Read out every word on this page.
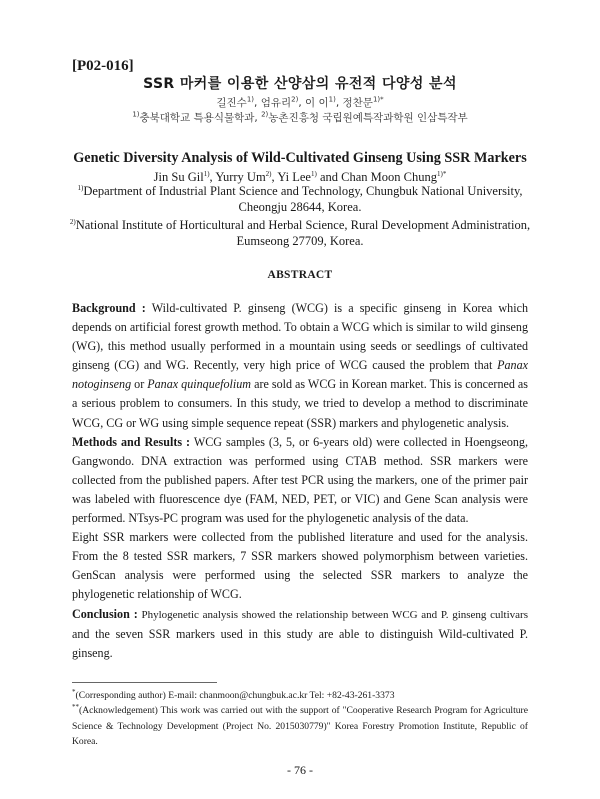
[P02-016]
SSR 마커를 이용한 산양삼의 유전적 다양성 분석
길진수$^{1)}$, 엄유리$^{2)}$, 이 이$^{1)}$, 정찬문$^{1)*}$
$^{1)}$충북대학교 특용식물학과, $^{2)}$농촌진흥청 국립원예특작과학원 인삼특작부
Genetic Diversity Analysis of Wild-Cultivated Ginseng Using SSR Markers
Jin Su Gil$^{1)}$, Yurry Um$^{2)}$, Yi Lee$^{1)}$ and Chan Moon Chung$^{1)*}$
$^{1)}$Department of Industrial Plant Science and Technology, Chungbuk National University,
Cheongju 28644, Korea.
$^{2)}$National Institute of Horticultural and Herbal Science, Rural Development Administration,
Eumseong 27709, Korea.
ABSTRACT

Background : Wild-cultivated P. ginseng (WCG) is a specific ginseng in Korea which depends on artificial forest growth method. To obtain a WCG which is similar to wild ginseng (WG), this method usually performed in a mountain using seeds or seedlings of cultivated ginseng (CG) and WG. Recently, very high price of WCG caused the problem that Panax notoginseng or Panax quinquefolium are sold as WCG in Korean market. This is concerned as a serious problem to consumers. In this study, we tried to develop a method to discriminate WCG, CG or WG using simple sequence repeat (SSR) markers and phylogenetic analysis.

Methods and Results : WCG samples (3, 5, or 6-years old) were collected in Hoengseong, Gangwondo. DNA extraction was performed using CTAB method. SSR markers were collected from the published papers. After test PCR using the markers, one of the primer pair was labeled with fluorescence dye (FAM, NED, PET, or VIC) and Gene Scan analysis were performed. NTsys-PC program was used for the phylogenetic analysis of the data.

Eight SSR markers were collected from the published literature and used for the analysis. From the 8 tested SSR markers, 7 SSR markers showed polymorphism between varieties. GenScan analysis were performed using the selected SSR markers to analyze the phylogenetic relationship of WCG.

Conclusion : Phylogenetic analysis showed the relationship between WCG and P. ginseng cultivars and the seven SSR markers used in this study are able to distinguish Wild-cultivated P. ginseng.

*(Corresponding author) E-mail: chanmoon@chungbuk.ac.kr Tel: +82-43-261-3373
**(Acknowledgement) This work was carried out with the support of "Cooperative Research Program for Agriculture Science & Technology Development (Project No. 2015030779)" Korea Forestry Promotion Institute, Republic of Korea.
- 76 -
